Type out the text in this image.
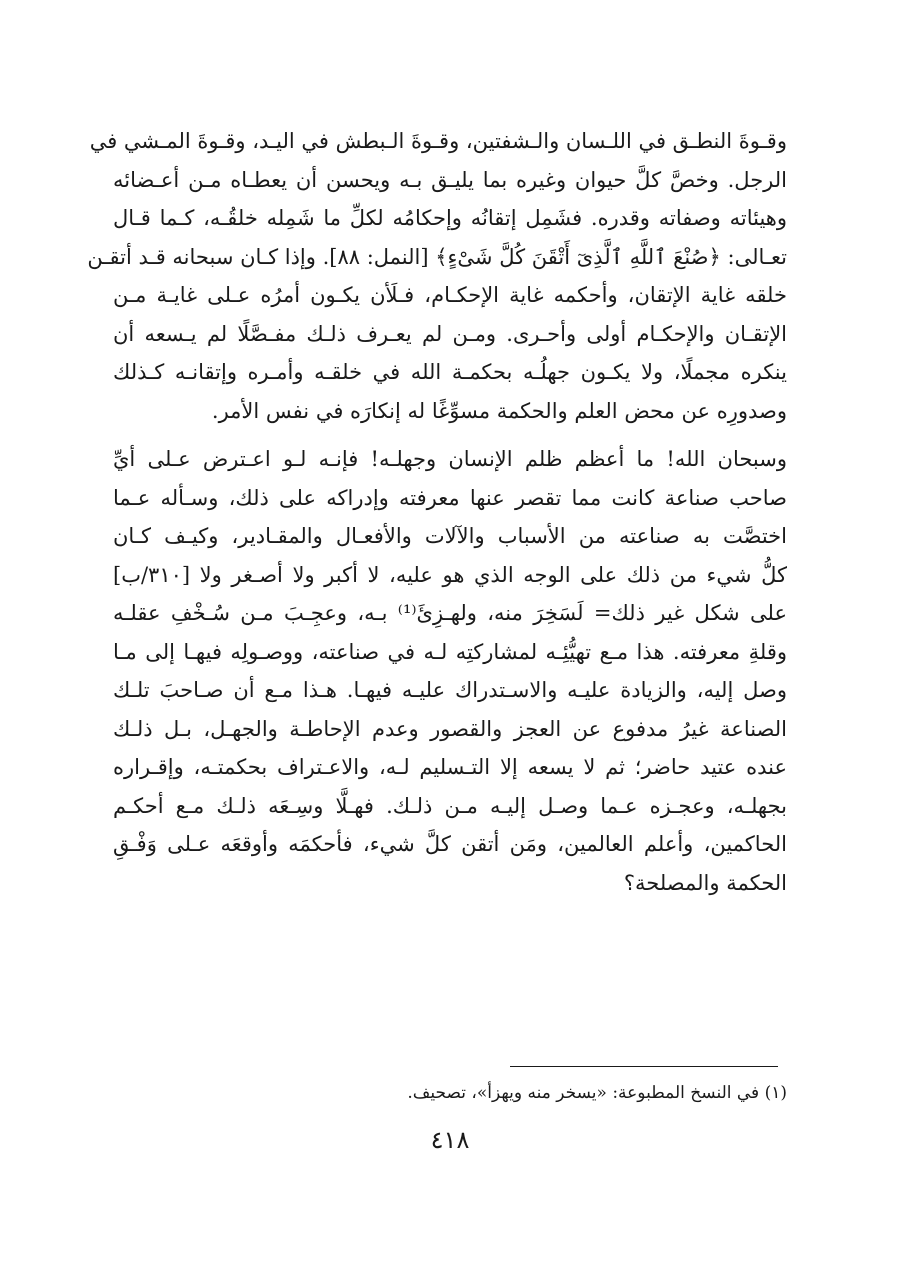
وقـوةَ النطـق في اللـسان والـشفتين، وقـوةَ الـبطش في اليـد، وقـوةَ المـشي في
الرجل. وخصَّ كلَّ حيوان وغيره بما يليـق بـه ويحسن أن يعطـاه مـن أعـضائه
وهيئاته وصفاته وقدره. فشَمِل إتقانُه وإحكامُه لكلِّ ما شَمِله خلقُـه، كـما قـال
تعـالى: ﴿صُنْعَ ٱللَّهِ ٱلَّذِىٓ أَتْقَنَ كُلَّ شَىْءٍ﴾ [النمل: ٨٨]. وإذا كـان سبحانه قـد أتقـن
خلقه غاية الإتقان، وأحكمه غاية الإحكـام، فـلَأن يكـون أمرُه عـلى غايـة مـن
الإتقـان والإحكـام أولى وأحـرى. ومـن لم يعـرف ذلـك مفـصَّلًا لم يـسعه أن
ينكره مجملًا، ولا يكـون جهلُـه بحكمـة الله في خلقـه وأمـره وإتقانـه كـذلك
وصدورِه عن محض العلم والحكمة مسوِّغًا له إنكارَه في نفس الأمر.
وسبحان الله! ما أعظم ظلم الإنسان وجهلـه! فإنـه لـو اعـترض عـلى أيِّ
صاحب صناعة كانت مما تقصر عنها معرفته وإدراكه على ذلك، وسـأله عـما
اختصَّت به صناعته من الأسباب والآلات والأفعـال والمقـادير، وكيـف كـان
كلُّ شيء من ذلك على الوجه الذي هو عليه، لا أكبر ولا أصـغر ولا [٣١٠/ب]
على شكل غير ذلك= لَسَخِرَ منه، ولهـزِئَ⁽¹⁾ بـه، وعجِـبَ مـن سُـخْفِ عقلـه
وقلةِ معرفته. هذا مـع تهيُّئِـه لمشاركتِه لـه في صناعته، ووصـولِه فيهـا إلى مـا
وصل إليه، والزيادة عليـه والاسـتدراك عليـه فيهـا. هـذا مـع أن صـاحبَ تلـك
الصناعة غيرُ مدفوع عن العجز والقصور وعدم الإحاطـة والجهـل، بـل ذلـك
عنده عتيد حاضر؛ ثم لا يسعه إلا التـسليم لـه، والاعـتراف بحكمتـه، وإقـراره
بجهلـه، وعجـزه عـما وصـل إليـه مـن ذلـك. فهـلَّا وسِـعَه ذلـك مـع أحكـم
الحاكمين، وأعلم العالمين، ومَن أتقن كلَّ شيء، فأحكمَه وأوقعَه عـلى وَفْـقِ
الحكمة والمصلحة؟
(١) في النسخ المطبوعة: «يسخر منه ويهزأ»، تصحيف.
٤١٨
